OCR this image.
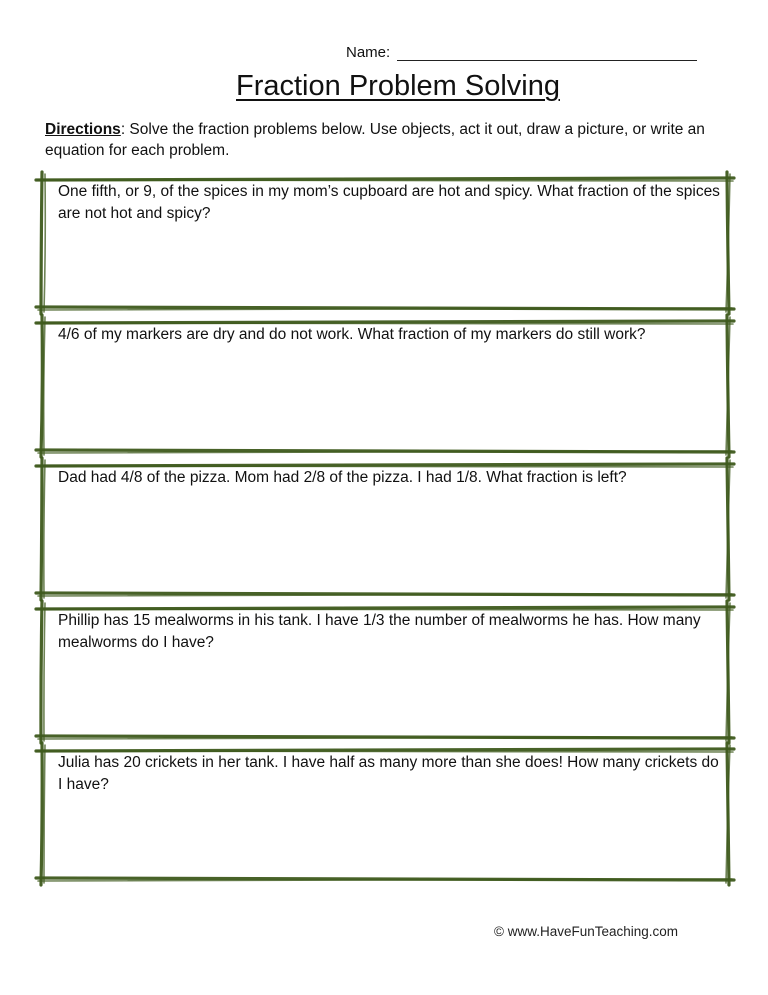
Name:
Fraction Problem Solving
Directions: Solve the fraction problems below. Use objects, act it out, draw a picture, or write an equation for each problem.
One fifth, or 9, of the spices in my mom’s cupboard are hot and spicy. What fraction of the spices are not hot and spicy?
4/6 of my markers are dry and do not work. What fraction of my markers do still work?
Dad had 4/8 of the pizza. Mom had 2/8 of the pizza. I had 1/8. What fraction is left?
Phillip has 15 mealworms in his tank. I have 1/3 the number of mealworms he has. How many mealworms do I have?
Julia has 20 crickets in her tank. I have half as many more than she does! How many crickets do I have?
© www.HaveFunTeaching.com
